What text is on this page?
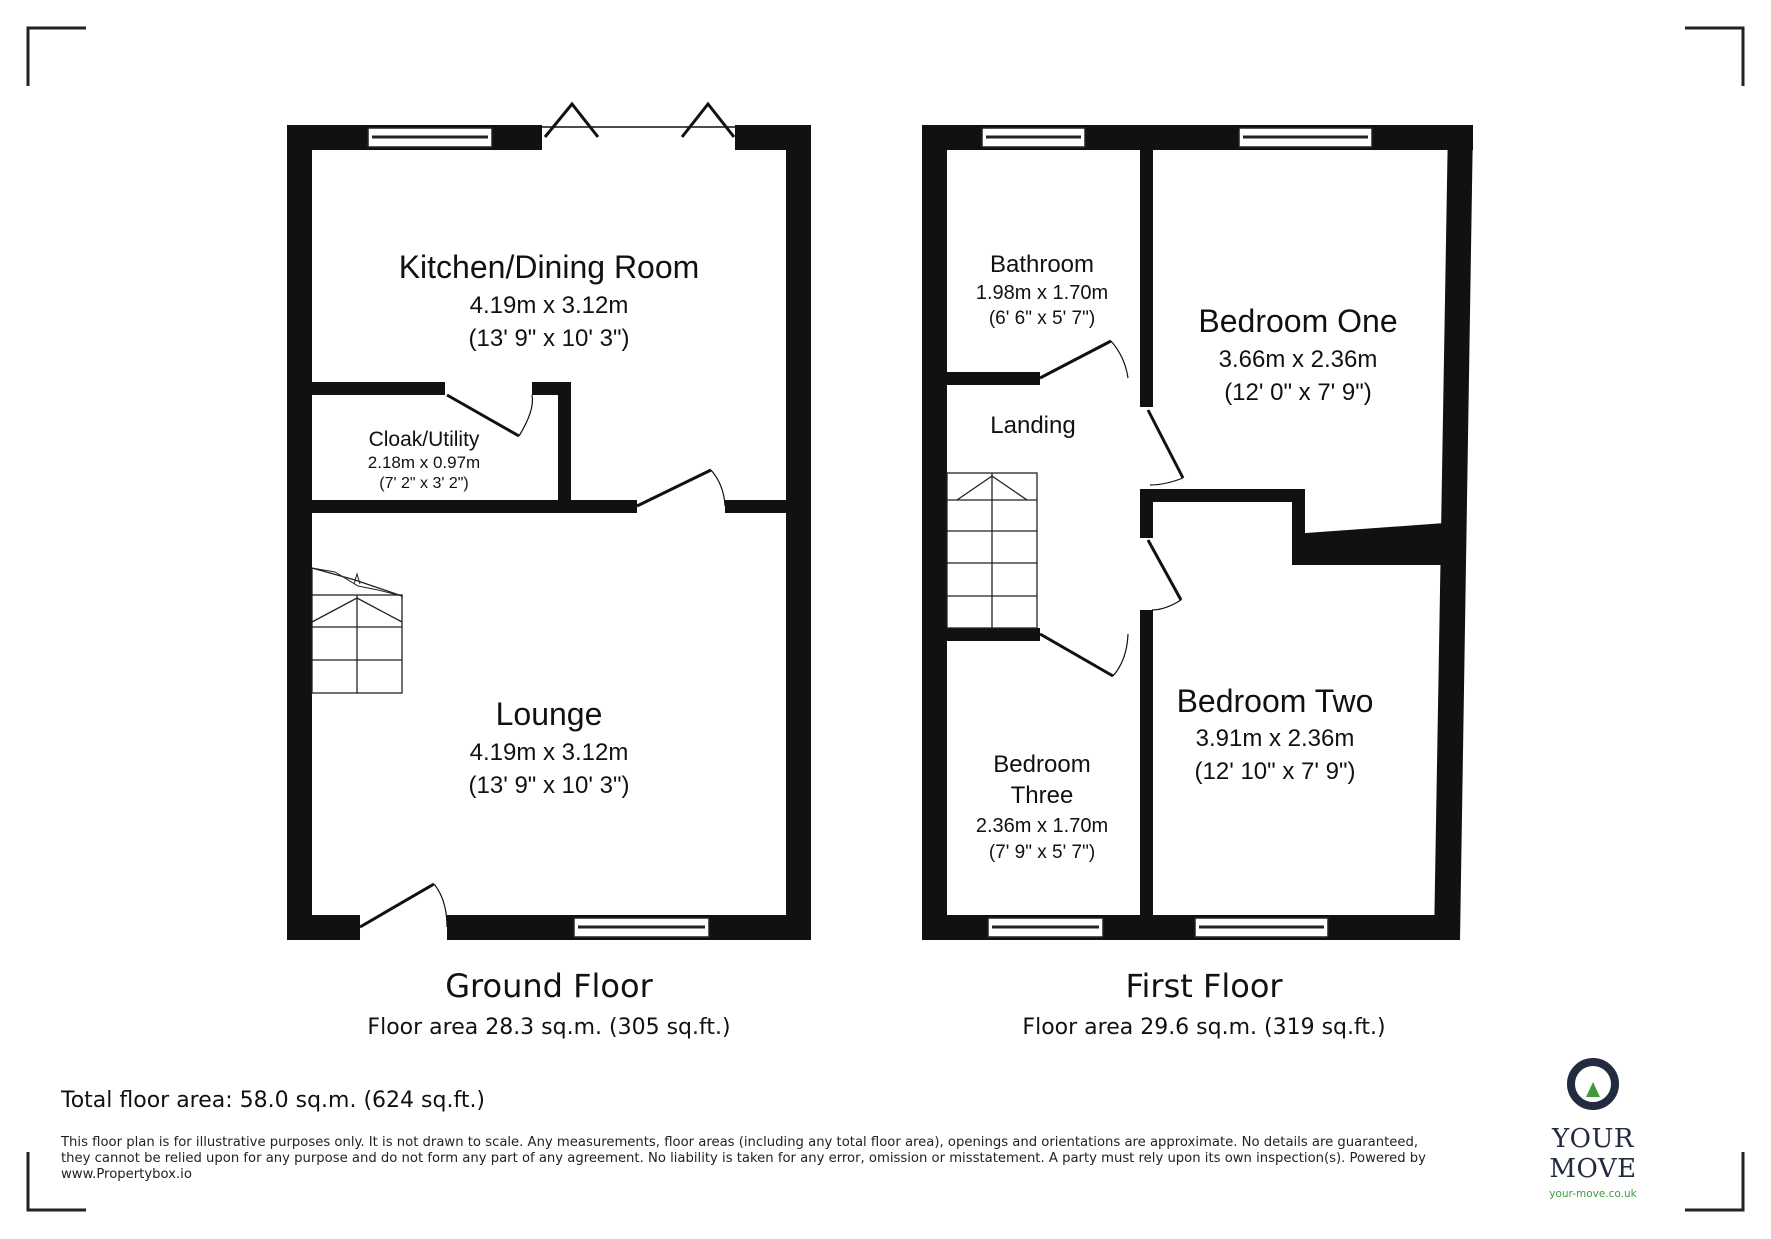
Kitchen/Dining Room
4.19m x 3.12m
(13' 9" x 10' 3")
Cloak/Utility
2.18m x 0.97m
(7' 2" x 3' 2")
Lounge
4.19m x 3.12m
(13' 9" x 10' 3")
Ground Floor
Floor area 28.3 sq.m. (305 sq.ft.)
Bathroom
1.98m x 1.70m
(6' 6" x 5' 7")	Bedroom One
3.66m x 2.36m
(12' 0" x 7' 9")
Landing
Bedroom Two
3.91m x 2.36m
(12' 10" x 7' 9")
Bedroom
Three
2.36m x 1.70m
(7' 9" x 5' 7")
First Floor
Floor area 29.6 sq.m. (319 sq.ft.)
Total floor area: 58.0 sq.m. (624 sq.ft.)
This floor plan is for illustrative purposes only. It is not drawn to scale. Any measurements, floor areas (including any total floor area), openings and orientations are approximate. No details are guaranteed, they cannot be relied upon for any purpose and do not form any part of any agreement. No liability is taken for any error, omission or misstatement. A party must rely upon its own inspection(s). Powered by www.Propertybox.io
YOUR MOVE
your-move.co.uk
